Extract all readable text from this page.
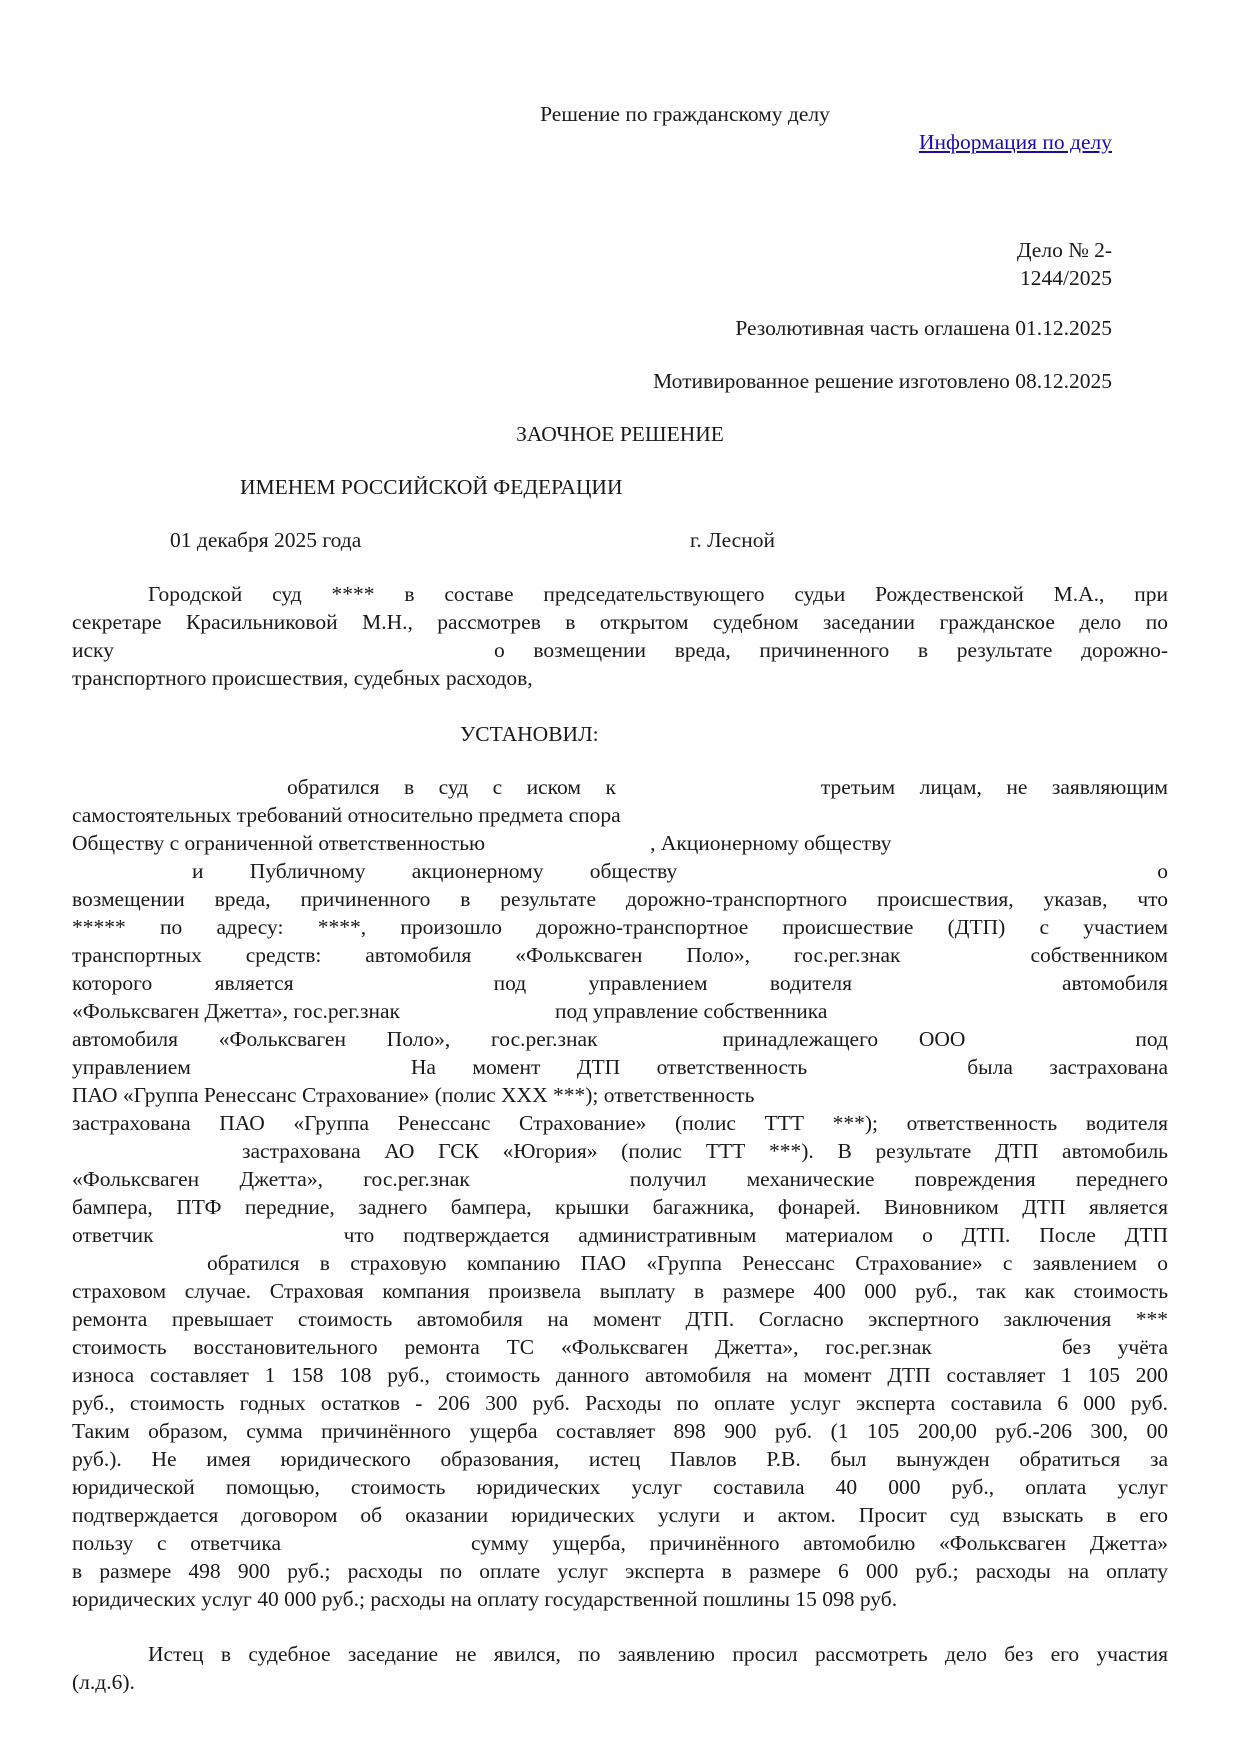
Решение по гражданскому делу
Информация по делу
Дело № 2-
1244/2025
Резолютивная часть оглашена 01.12.2025
Мотивированное решение изготовлено 08.12.2025
ЗАОЧНОЕ РЕШЕНИЕ
ИМЕНЕМ РОССИЙСКОЙ ФЕДЕРАЦИИ
01 декабря 2025 года	г. Лесной
Городской суд **** в составе председательствующего судьи Рождественской М.А., при
секретаре Красильниковой М.Н., рассмотрев в открытом судебном заседании гражданское дело по
иску	о возмещении вреда, причиненного в результате дорожно-
транспортного происшествия, судебных расходов,
УСТАНОВИЛ:
обратился в суд с иском к	третьим лицам, не заявляющим
самостоятельных требований относительно предмета спора
Обществу с ограниченной ответственностью	, Акционерному обществу
и Публичному акционерному обществу	о
возмещении вреда, причиненного в результате дорожно-транспортного происшествия, указав, что
***** по адресу: ****, произошло дорожно-транспортное происшествие (ДТП) с участием
транспортных средств: автомобиля «Фольксваген Поло», гос.рег.знак	собственником
которого является	под управлением водителя	автомобиля
«Фольксваген Джетта», гос.рег.знак	под управление собственника
автомобиля «Фольксваген Поло», гос.рег.знак	принадлежащего ООО	под
управлением	На момент ДТП ответственность	была застрахована
ПАО «Группа Ренессанс Страхование» (полис ХХХ ***); ответственность
застрахована ПАО «Группа Ренессанс Страхование» (полис ТТТ ***); ответственность водителя
застрахована АО ГСК «Югория» (полис ТТТ ***). В результате ДТП автомобиль
«Фольксваген Джетта», гос.рег.знак	получил механические повреждения переднего
бампера, ПТФ передние, заднего бампера, крышки багажника, фонарей. Виновником ДТП является
ответчик	что подтверждается административным материалом о ДТП. После ДТП
обратился в страховую компанию ПАО «Группа Ренессанс Страхование» с заявлением о
страховом случае. Страховая компания произвела выплату в размере 400 000 руб., так как стоимость
ремонта превышает стоимость автомобиля на момент ДТП. Согласно экспертного заключения ***
стоимость восстановительного ремонта ТС «Фольксваген Джетта», гос.рег.знак	без учёта
износа составляет 1 158 108 руб., стоимость данного автомобиля на момент ДТП составляет 1 105 200
руб., стоимость годных остатков - 206 300 руб. Расходы по оплате услуг эксперта составила 6 000 руб.
Таким образом, сумма причинённого ущерба составляет 898 900 руб. (1 105 200,00 руб.-206 300, 00
руб.). Не имея юридического образования, истец Павлов Р.В. был вынужден обратиться за
юридической помощью, стоимость юридических услуг составила 40 000 руб., оплата услуг
подтверждается договором об оказании юридических услуги и актом. Просит суд взыскать в его
пользу с ответчика	сумму ущерба, причинённого автомобилю «Фольксваген Джетта»
в размере 498 900 руб.; расходы по оплате услуг эксперта в размере 6 000 руб.; расходы на оплату
юридических услуг 40 000 руб.; расходы на оплату государственной пошлины 15 098 руб.
Истец в судебное заседание не явился, по заявлению просил рассмотреть дело без его участия
(л.д.6).
